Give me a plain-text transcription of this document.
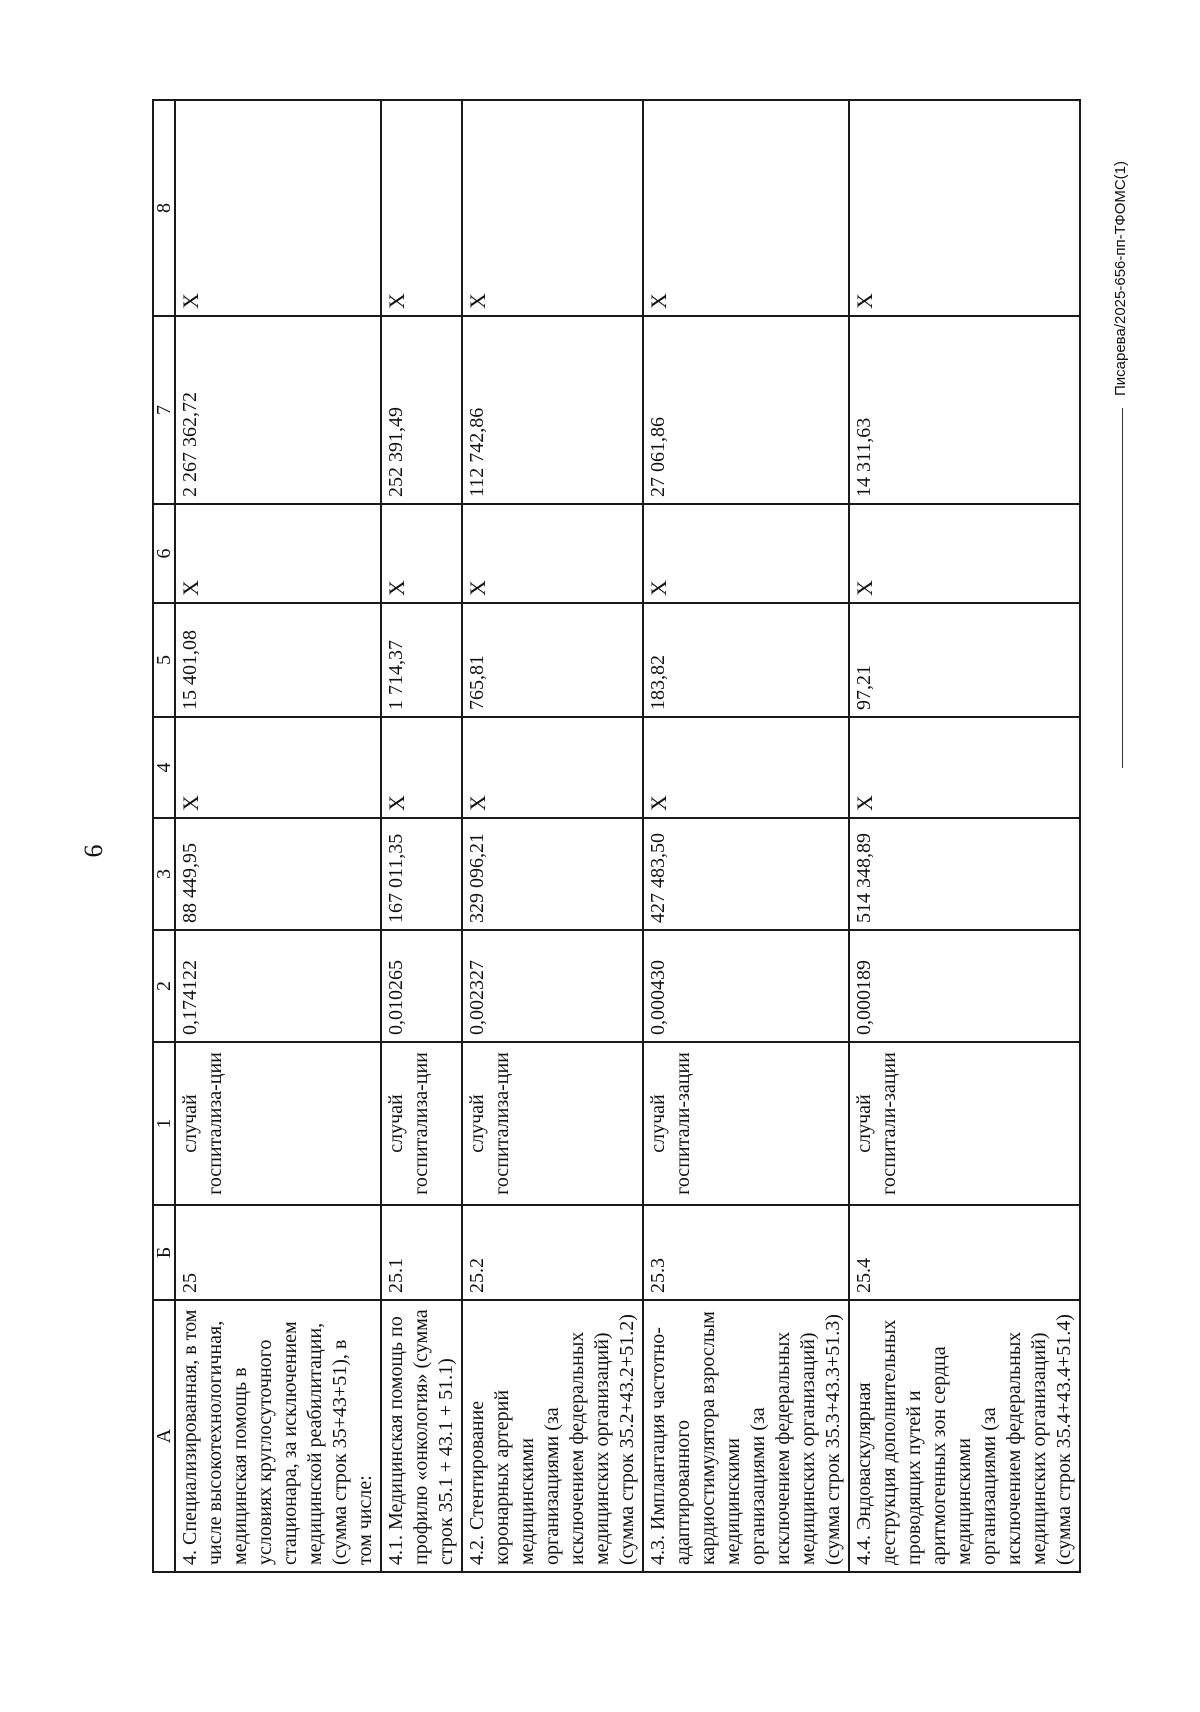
6
А	Б	1	2	3	4	5	6	7	8
4. Специализированная, в том числе высокотехнологичная, медицинская помощь в условиях круглосуточного стационара, за исключением медицинской реабилитации, (сумма строк 35+43+51), в том числе:	25	случай госпитализа-ции	0,174122	88 449,95	X	15 401,08	X	2 267 362,72	X
4.1. Медицинская помощь по профилю «онкология» (сумма строк 35.1 + 43.1 + 51.1)	25.1	случай госпитализа-ции	0,010265	167 011,35	X	1 714,37	X	252 391,49	X
4.2. Стентирование коронарных артерий медицинскими организациями (за исключением федеральных медицинских организаций) (сумма строк 35.2+43.2+51.2)	25.2	случай госпитализа-ции	0,002327	329 096,21	X	765,81	X	112 742,86	X
4.3. Имплантация частотно-адаптированного кардиостимулятора взрослым медицинскими организациями (за исключением федеральных медицинских организаций) (сумма строк 35.3+43.3+51.3)	25.3	случай госпитали-зации	0,000430	427 483,50	X	183,82	X	27 061,86	X
4.4. Эндоваскулярная деструкция дополнительных проводящих путей и аритмогенных зон сердца медицинскими организациями (за исключением федеральных медицинских организаций) (сумма строк 35.4+43.4+51.4)	25.4	случай госпитали-зации	0,000189	514 348,89	X	97,21	X	14 311,63	X	Писарева/2025-656-пп-ТФОМС(1)
